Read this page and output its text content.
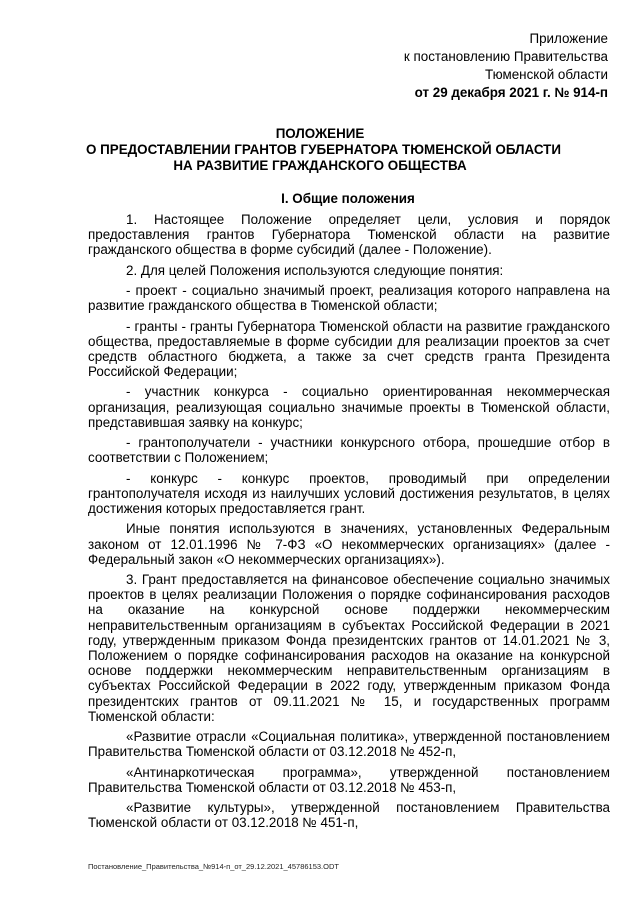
Приложение
к постановлению Правительства
Тюменской области
от 29 декабря 2021 г. № 914-п
ПОЛОЖЕНИЕ
О ПРЕДОСТАВЛЕНИИ ГРАНТОВ ГУБЕРНАТОРА ТЮМЕНСКОЙ ОБЛАСТИ
НА РАЗВИТИЕ ГРАЖДАНСКОГО ОБЩЕСТВА
I. Общие положения

1. Настоящее Положение определяет цели, условия и порядок предоставления грантов Губернатора Тюменской области на развитие гражданского общества в форме субсидий (далее - Положение).

2. Для целей Положения используются следующие понятия:

- проект - социально значимый проект, реализация которого направлена на развитие гражданского общества в Тюменской области;

- гранты - гранты Губернатора Тюменской области на развитие гражданского общества, предоставляемые в форме субсидии для реализации проектов за счет средств областного бюджета, а также за счет средств гранта Президента Российской Федерации;

- участник конкурса - социально ориентированная некоммерческая организация, реализующая социально значимые проекты в Тюменской области, представившая заявку на конкурс;

- грантополучатели - участники конкурсного отбора, прошедшие отбор в соответствии с Положением;

- конкурс - конкурс проектов, проводимый при определении грантополучателя исходя из наилучших условий достижения результатов, в целях достижения которых предоставляется грант.

Иные понятия используются в значениях, установленных Федеральным законом от 12.01.1996 № 7-ФЗ «О некоммерческих организациях» (далее - Федеральный закон «О некоммерческих организациях»).

3. Грант предоставляется на финансовое обеспечение социально значимых проектов в целях реализации Положения о порядке софинансирования расходов на оказание на конкурсной основе поддержки некоммерческим неправительственным организациям в субъектах Российской Федерации в 2021 году, утвержденным приказом Фонда президентских грантов от 14.01.2021 № 3, Положением о порядке софинансирования расходов на оказание на конкурсной основе поддержки некоммерческим неправительственным организациям в субъектах Российской Федерации в 2022 году, утвержденным приказом Фонда президентских грантов от 09.11.2021 № 15, и государственных программ Тюменской области:

«Развитие отрасли «Социальная политика», утвержденной постановлением Правительства Тюменской области от 03.12.2018 № 452-п,

«Антинаркотическая программа», утвержденной постановлением Правительства Тюменской области от 03.12.2018 № 453-п,

«Развитие культуры», утвержденной постановлением Правительства Тюменской области от 03.12.2018 № 451-п,

Постановление_Правительства_№914-п_от_29.12.2021_45786153.ODT
